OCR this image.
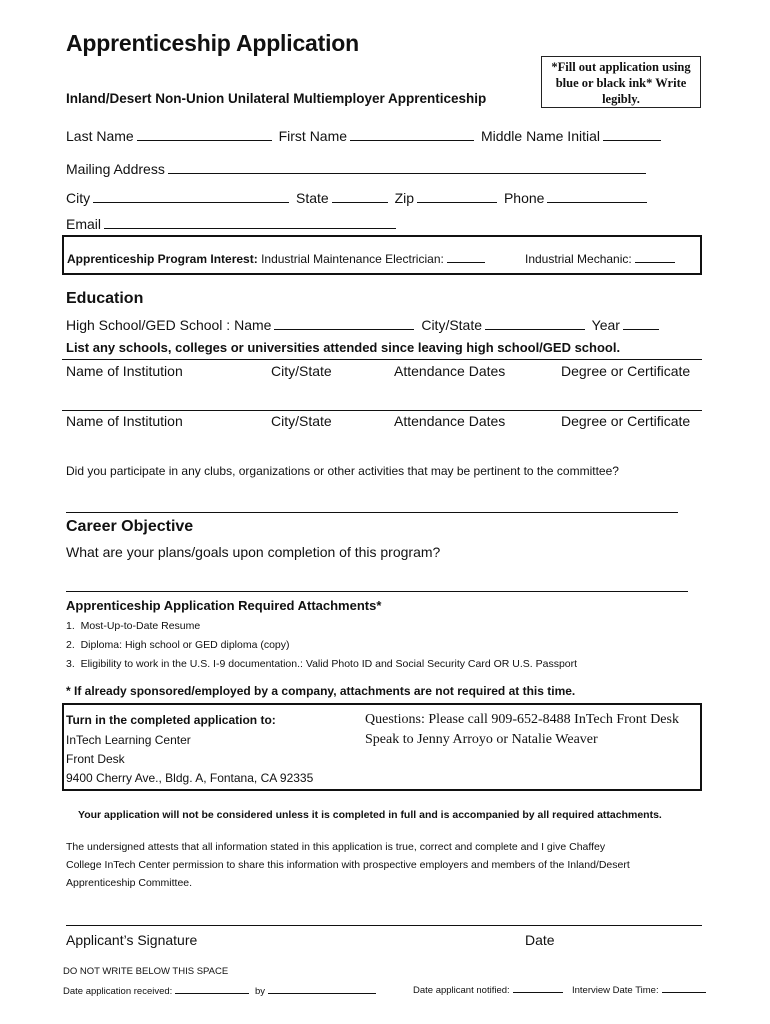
Apprenticeship Application
*Fill out application using blue or black ink* Write legibly.
Inland/Desert Non-Union Unilateral Multiemployer Apprenticeship
Last Name	First Name	Middle Name Initial
Mailing Address
City	State	Zip	Phone
Email
Apprenticeship Program Interest: Industrial Maintenance Electrician:	Industrial Mechanic:
Education
High School/GED School : Name	City/State	Year
List any schools, colleges or universities attended since leaving high school/GED school.
Name of Institution	City/State	Attendance Dates	Degree or Certificate
Name of Institution	City/State	Attendance Dates	Degree or Certificate
Did you participate in any clubs, organizations or other activities that may be pertinent to the committee?
Career Objective
What are your plans/goals upon completion of this program?
Apprenticeship Application Required Attachments*
1.  Most-Up-to-Date Resume
2.  Diploma: High school or GED diploma (copy)
3.  Eligibility to work in the U.S. I-9 documentation.: Valid Photo ID and Social Security Card OR U.S. Passport
* If already sponsored/employed by a company, attachments are not required at this time.
Turn in the completed application to:
InTech Learning Center
Front Desk
9400 Cherry Ave., Bldg. A, Fontana, CA 92335
Questions: Please call 909-652-8488 InTech Front Desk
Speak to Jenny Arroyo or Natalie Weaver
Your application will not be considered unless it is completed in full and is accompanied by all required attachments.
The undersigned attests that all information stated in this application is true, correct and complete and I give Chaffey
College InTech Center permission to share this information with prospective employers and members of the Inland/Desert
Apprenticeship Committee.
Applicant’s Signature	Date
DO NOT WRITE BELOW THIS SPACE
Date application received:	by	Date applicant notified:	Interview Date Time:
